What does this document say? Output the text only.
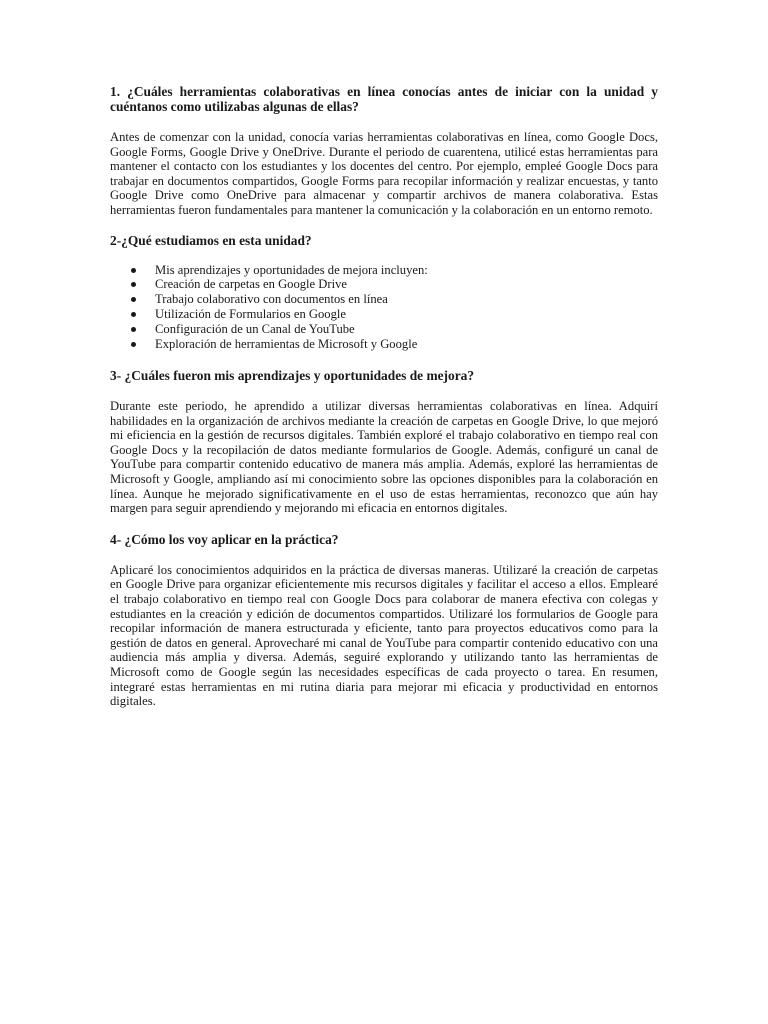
1. ¿Cuáles herramientas colaborativas en línea conocías antes de iniciar con la unidad y cuéntanos como utilizabas algunas de ellas?

Antes de comenzar con la unidad, conocía varias herramientas colaborativas en línea, como Google Docs, Google Forms, Google Drive y OneDrive. Durante el periodo de cuarentena, utilicé estas herramientas para mantener el contacto con los estudiantes y los docentes del centro. Por ejemplo, empleé Google Docs para trabajar en documentos compartidos, Google Forms para recopilar información y realizar encuestas, y tanto Google Drive como OneDrive para almacenar y compartir archivos de manera colaborativa. Estas herramientas fueron fundamentales para mantener la comunicación y la colaboración en un entorno remoto.

2-¿Qué estudiamos en esta unidad?
Mis aprendizajes y oportunidades de mejora incluyen:
Creación de carpetas en Google Drive
Trabajo colaborativo con documentos en línea
Utilización de Formularios en Google
Configuración de un Canal de YouTube
Exploración de herramientas de Microsoft y Google
3- ¿Cuáles fueron mis aprendizajes y oportunidades de mejora?

Durante este periodo, he aprendido a utilizar diversas herramientas colaborativas en línea. Adquirí habilidades en la organización de archivos mediante la creación de carpetas en Google Drive, lo que mejoró mi eficiencia en la gestión de recursos digitales. También exploré el trabajo colaborativo en tiempo real con Google Docs y la recopilación de datos mediante formularios de Google. Además, configuré un canal de YouTube para compartir contenido educativo de manera más amplia. Además, exploré las herramientas de Microsoft y Google, ampliando así mi conocimiento sobre las opciones disponibles para la colaboración en línea. Aunque he mejorado significativamente en el uso de estas herramientas, reconozco que aún hay margen para seguir aprendiendo y mejorando mi eficacia en entornos digitales.

4- ¿Cómo los voy aplicar en la práctica?

Aplicaré los conocimientos adquiridos en la práctica de diversas maneras. Utilizaré la creación de carpetas en Google Drive para organizar eficientemente mis recursos digitales y facilitar el acceso a ellos. Emplearé el trabajo colaborativo en tiempo real con Google Docs para colaborar de manera efectiva con colegas y estudiantes en la creación y edición de documentos compartidos. Utilizaré los formularios de Google para recopilar información de manera estructurada y eficiente, tanto para proyectos educativos como para la gestión de datos en general. Aprovecharé mi canal de YouTube para compartir contenido educativo con una audiencia más amplia y diversa. Además, seguiré explorando y utilizando tanto las herramientas de Microsoft como de Google según las necesidades específicas de cada proyecto o tarea. En resumen, integraré estas herramientas en mi rutina diaria para mejorar mi eficacia y productividad en entornos digitales.
